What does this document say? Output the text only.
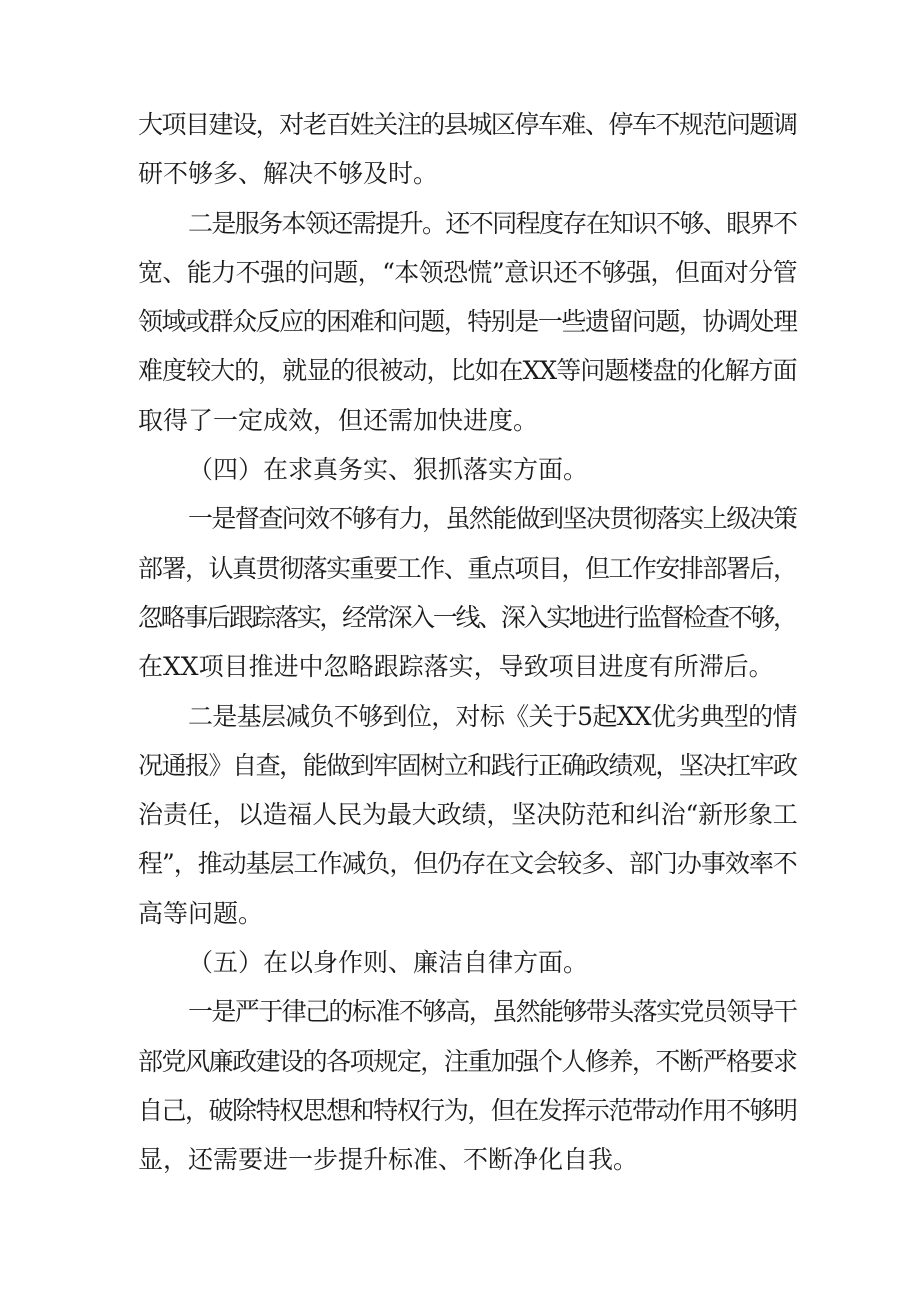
大项目建设，对老百姓关注的县城区停车难、停车不规范问题调
研不够多、解决不够及时。

二是服务本领还需提升。还不同程度存在知识不够、眼界不
宽、能力不强的问题，“本领恐慌”意识还不够强，但面对分管
领域或群众反应的困难和问题，特别是一些遗留问题，协调处理
难度较大的，就显的很被动，比如在XX等问题楼盘的化解方面
取得了一定成效，但还需加快进度。

（四）在求真务实、狠抓落实方面。

一是督查问效不够有力，虽然能做到坚决贯彻落实上级决策
部署，认真贯彻落实重要工作、重点项目，但工作安排部署后，
忽略事后跟踪落实，经常深入一线、深入实地进行监督检查不够，
在XX项目推进中忽略跟踪落实，导致项目进度有所滞后。

二是基层减负不够到位，对标《关于5起XX优劣典型的情
况通报》自查，能做到牢固树立和践行正确政绩观，坚决扛牢政
治责任，以造福人民为最大政绩，坚决防范和纠治“新形象工
程”，推动基层工作减负，但仍存在文会较多、部门办事效率不
高等问题。

（五）在以身作则、廉洁自律方面。

一是严于律己的标准不够高，虽然能够带头落实党员领导干
部党风廉政建设的各项规定，注重加强个人修养，不断严格要求
自己，破除特权思想和特权行为，但在发挥示范带动作用不够明
显，还需要进一步提升标准、不断净化自我。
